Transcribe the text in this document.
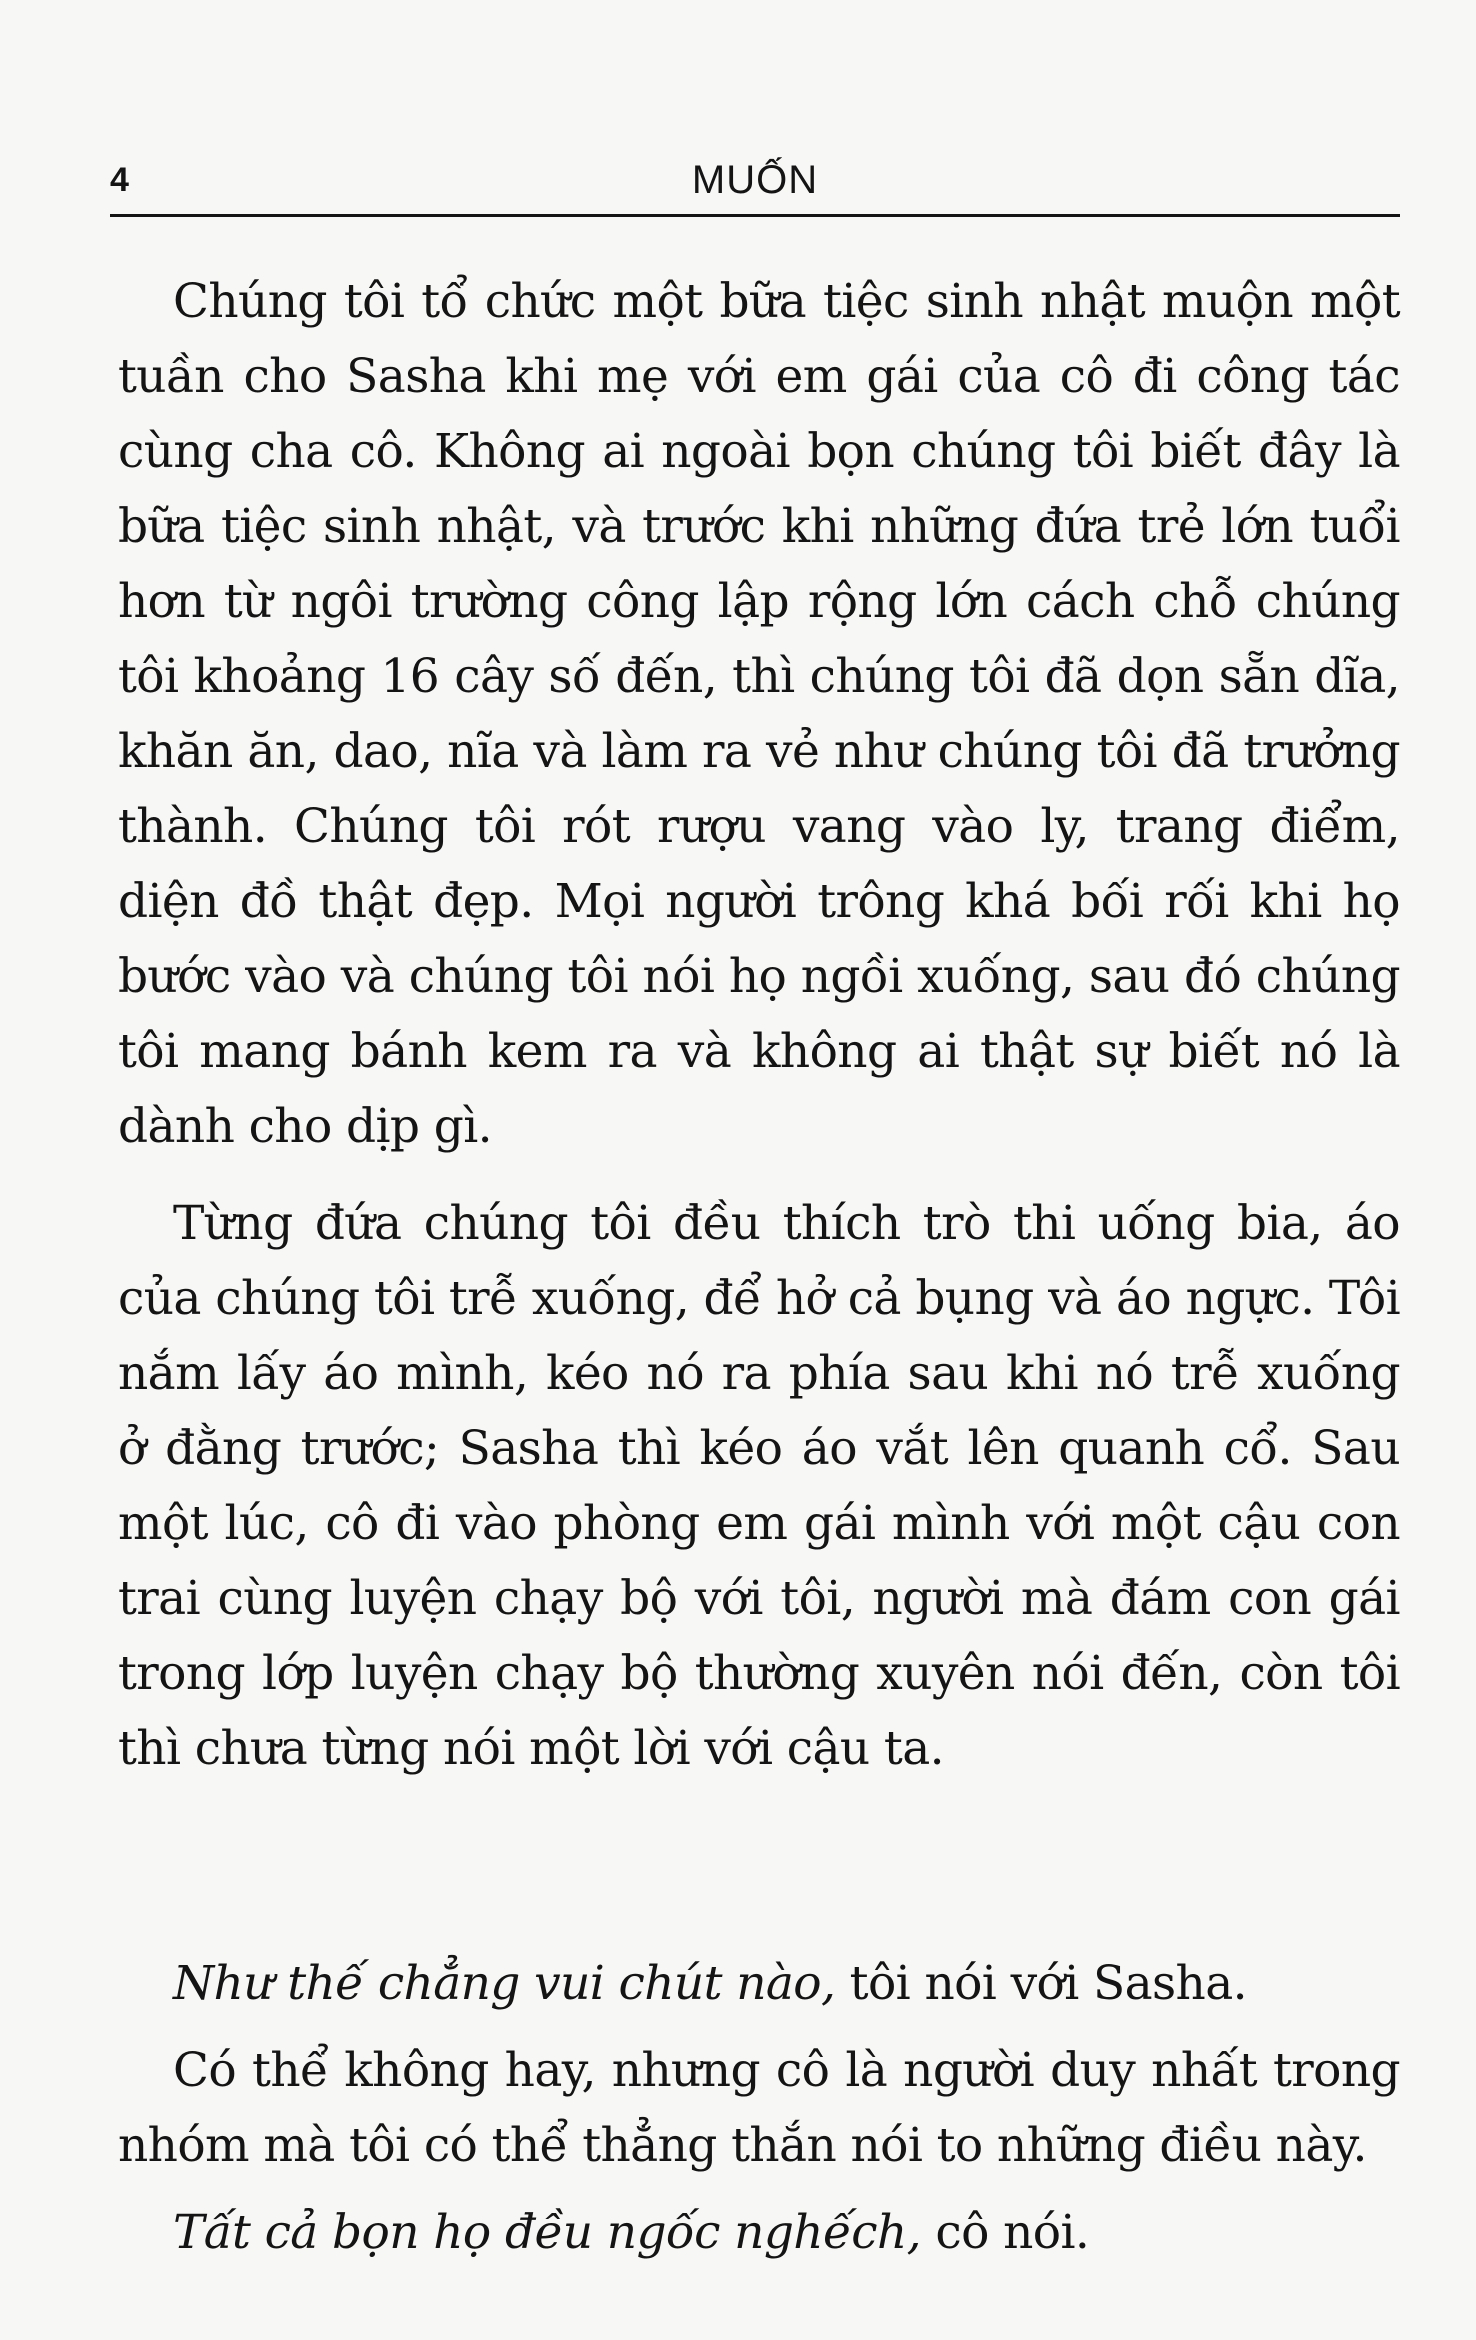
4	MUỐN

Chúng tôi tổ chức một bữa tiệc sinh nhật muộn một tuần cho Sasha khi mẹ với em gái của cô đi công tác cùng cha cô. Không ai ngoài bọn chúng tôi biết đây là bữa tiệc sinh nhật, và trước khi những đứa trẻ lớn tuổi hơn từ ngôi trường công lập rộng lớn cách chỗ chúng tôi khoảng 16 cây số đến, thì chúng tôi đã dọn sẵn dĩa, khăn ăn, dao, nĩa và làm ra vẻ như chúng tôi đã trưởng thành. Chúng tôi rót rượu vang vào ly, trang điểm, diện đồ thật đẹp. Mọi người trông khá bối rối khi họ bước vào và chúng tôi nói họ ngồi xuống, sau đó chúng tôi mang bánh kem ra và không ai thật sự biết nó là dành cho dịp gì.

Từng đứa chúng tôi đều thích trò thi uống bia, áo của chúng tôi trễ xuống, để hở cả bụng và áo ngực. Tôi nắm lấy áo mình, kéo nó ra phía sau khi nó trễ xuống ở đằng trước; Sasha thì kéo áo vắt lên quanh cổ. Sau một lúc, cô đi vào phòng em gái mình với một cậu con trai cùng luyện chạy bộ với tôi, người mà đám con gái trong lớp luyện chạy bộ thường xuyên nói đến, còn tôi thì chưa từng nói một lời với cậu ta.

Như thế chẳng vui chút nào, tôi nói với Sasha.

Có thể không hay, nhưng cô là người duy nhất trong nhóm mà tôi có thể thẳng thắn nói to những điều này.

Tất cả bọn họ đều ngốc nghếch, cô nói.
